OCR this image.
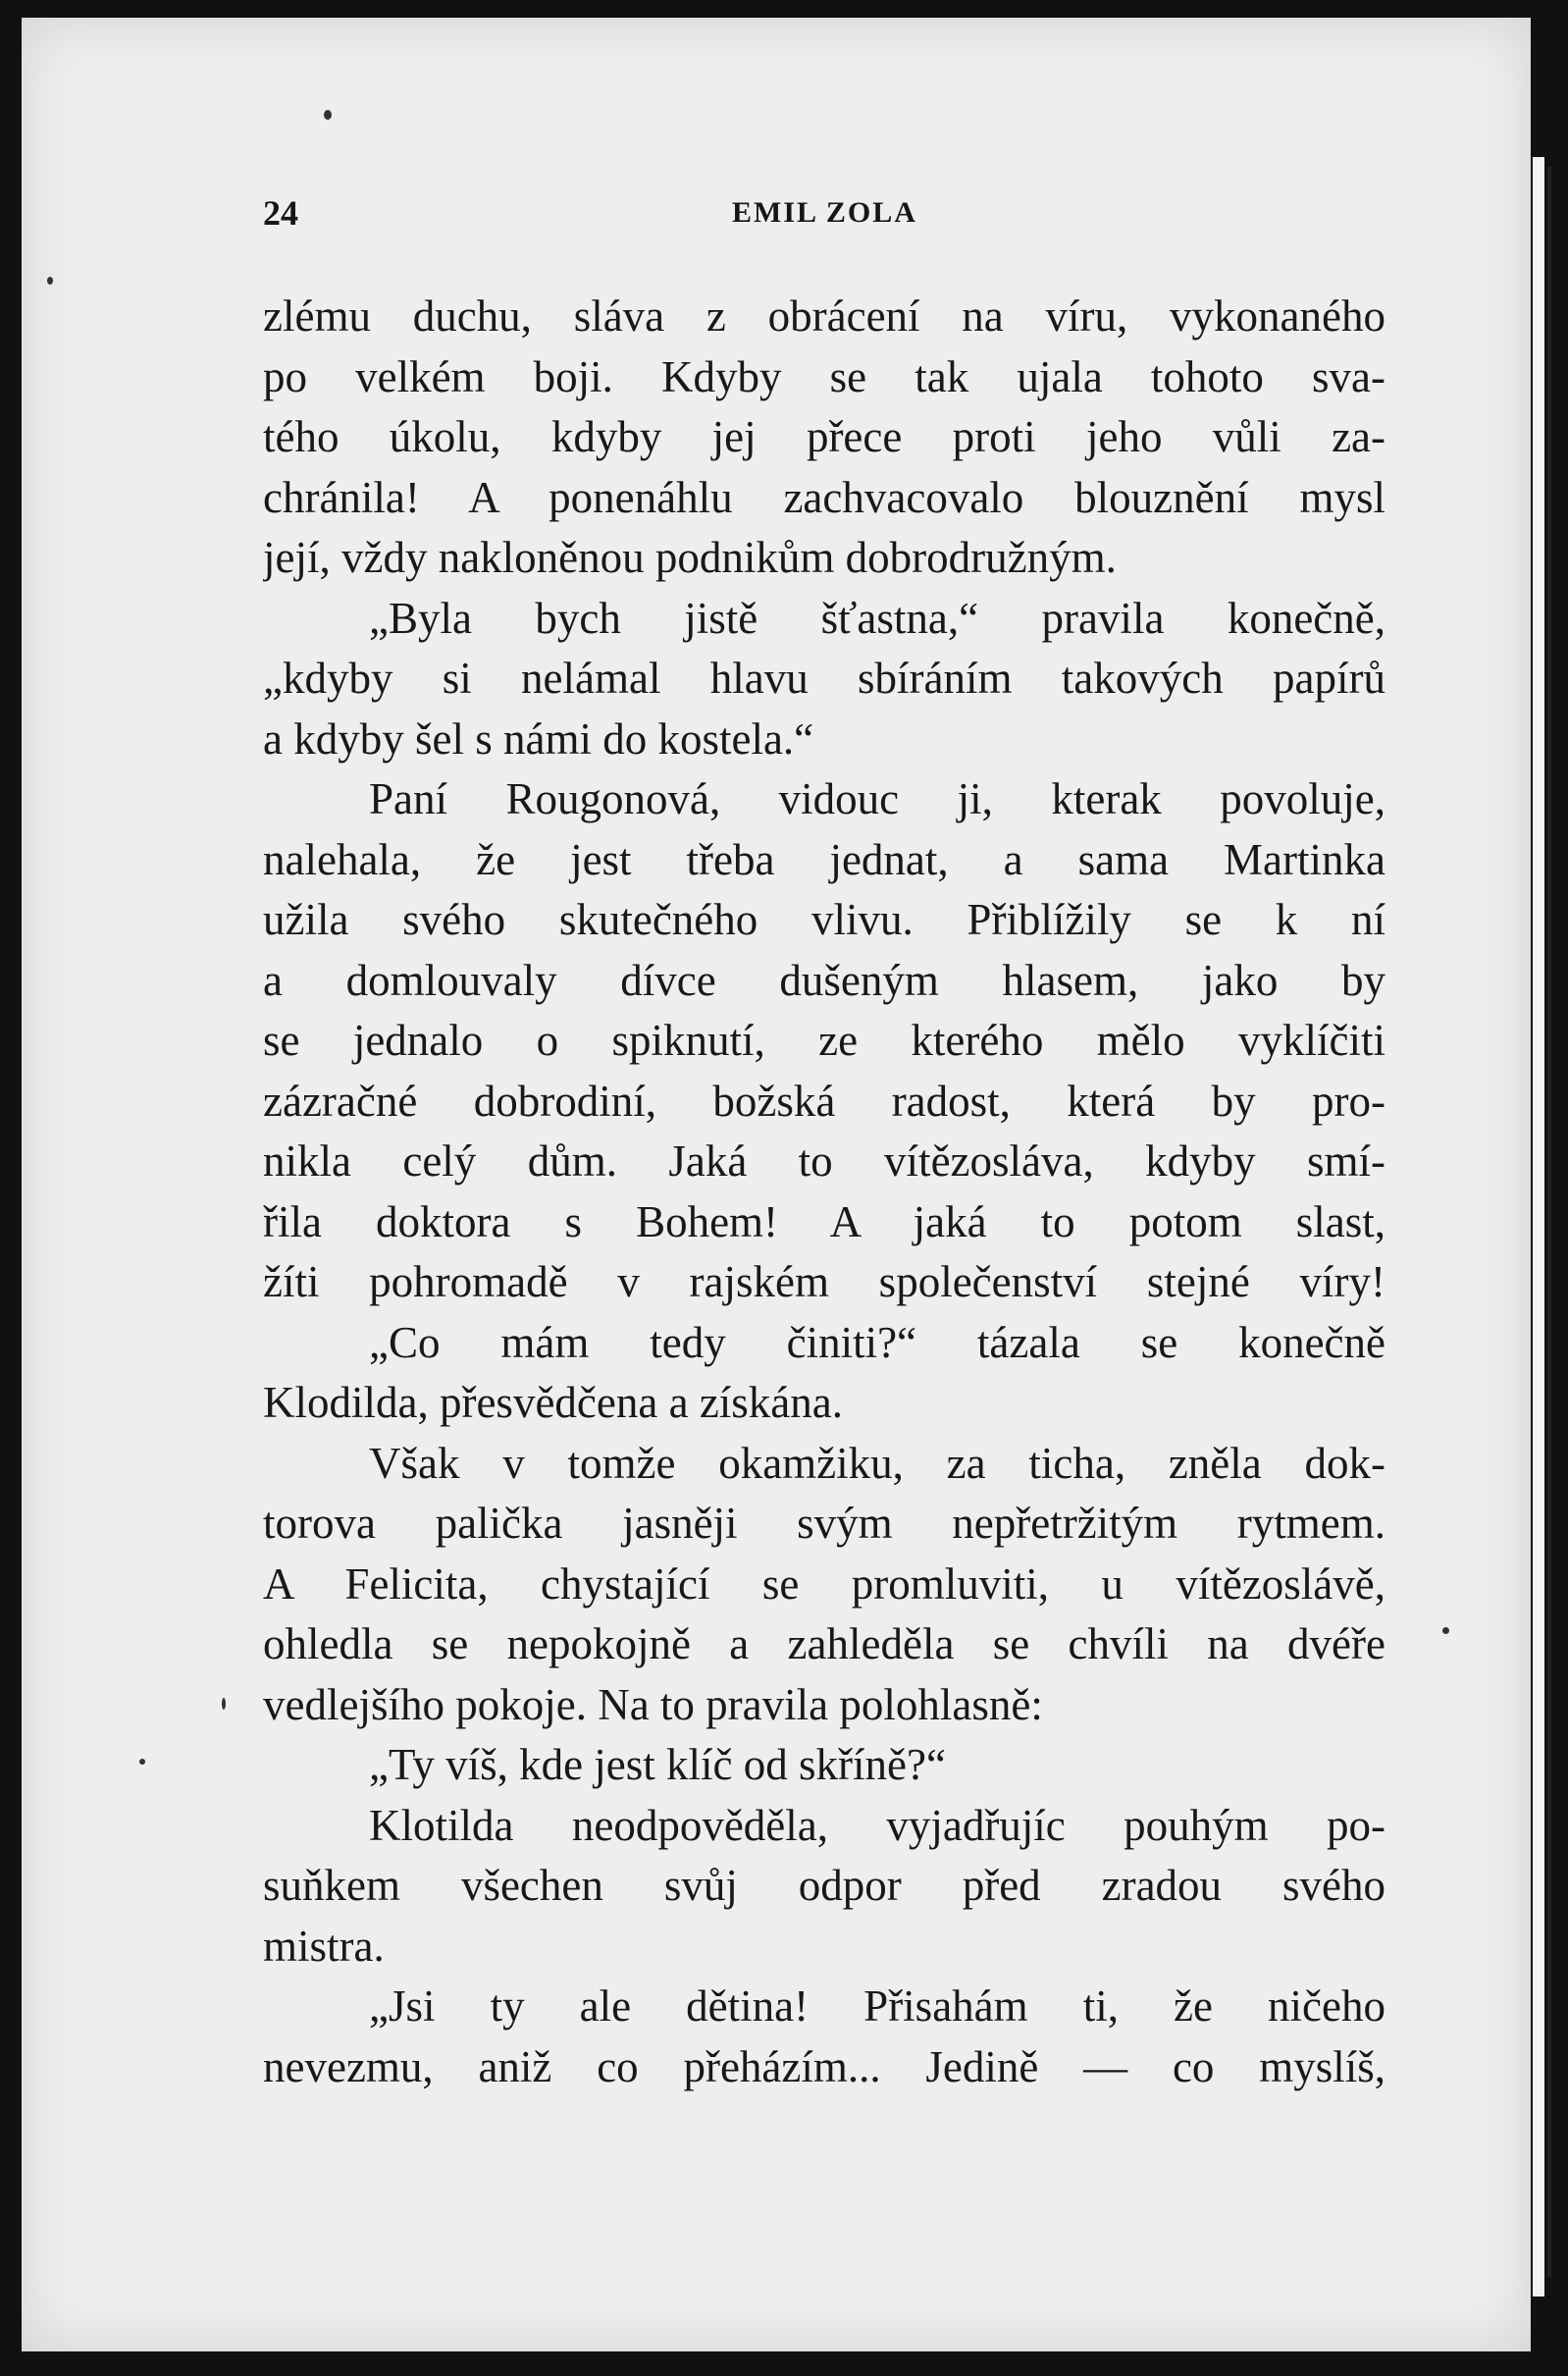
24	EMIL ZOLA
zlému duchu, sláva z obrácení na víru, vykonaného
po velkém boji. Kdyby se tak ujala tohoto sva-
tého úkolu, kdyby jej přece proti jeho vůli za-
chránila! A ponenáhlu zachvacovalo blouznění mysl
její, vždy nakloněnou podnikům dobrodružným.
„Byla bych jistě šťastna,“ pravila konečně,
„kdyby si nelámal hlavu sbíráním takových papírů
a kdyby šel s námi do kostela.“
Paní Rougonová, vidouc ji, kterak povoluje,
nalehala, že jest třeba jednat, a sama Martinka
užila svého skutečného vlivu. Přiblížily se k ní
a domlouvaly dívce dušeným hlasem, jako by
se jednalo o spiknutí, ze kterého mělo vyklíčiti
zázračné dobrodiní, božská radost, která by pro-
nikla celý dům. Jaká to vítězosláva, kdyby smí-
řila doktora s Bohem! A jaká to potom slast,
žíti pohromadě v rajském společenství stejné víry!
„Co mám tedy činiti?“ tázala se konečně
Klodilda, přesvědčena a získána.
Však v tomže okamžiku, za ticha, zněla dok-
torova palička jasněji svým nepřetržitým rytmem.
A Felicita, chystající se promluviti, u vítězoslávě,
ohledla se nepokojně a zahleděla se chvíli na dvéře
vedlejšího pokoje. Na to pravila polohlasně:
„Ty víš, kde jest klíč od skříně?“
Klotilda neodpověděla, vyjadřujíc pouhým po-
suňkem všechen svůj odpor před zradou svého
mistra.
„Jsi ty ale dětina! Přisahám ti, že ničeho
nevezmu, aniž co přeházím... Jedině — co myslíš,
